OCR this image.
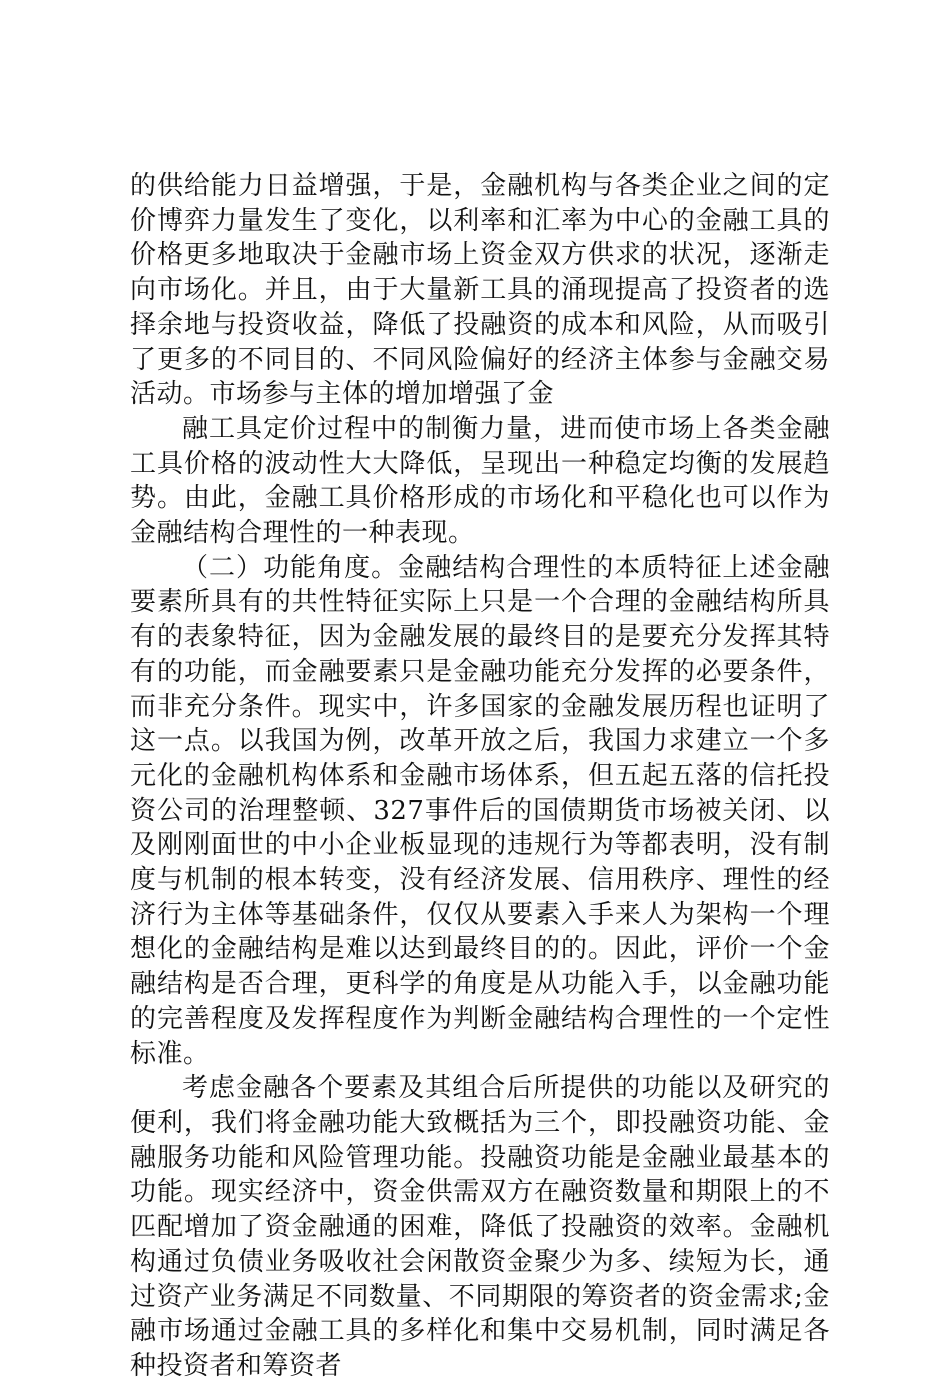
的供给能力日益增强，于是，金融机构与各类企业之间的定价博弈力量发生了变化，以利率和汇率为中心的金融工具的价格更多地取决于金融市场上资金双方供求的状况，逐渐走向市场化。并且，由于大量新工具的涌现提高了投资者的选择余地与投资收益，降低了投融资的成本和风险，从而吸引了更多的不同目的、不同风险偏好的经济主体参与金融交易活动。市场参与主体的增加增强了金

融工具定价过程中的制衡力量，进而使市场上各类金融工具价格的波动性大大降低，呈现出一种稳定均衡的发展趋势。由此，金融工具价格形成的市场化和平稳化也可以作为金融结构合理性的一种表现。

（二）功能角度。金融结构合理性的本质特征上述金融要素所具有的共性特征实际上只是一个合理的金融结构所具有的表象特征，因为金融发展的最终目的是要充分发挥其特有的功能，而金融要素只是金融功能充分发挥的必要条件，而非充分条件。现实中，许多国家的金融发展历程也证明了这一点。以我国为例，改革开放之后，我国力求建立一个多元化的金融机构体系和金融市场体系，但五起五落的信托投资公司的治理整顿、327事件后的国债期货市场被关闭、以及刚刚面世的中小企业板显现的违规行为等都表明，没有制度与机制的根本转变，没有经济发展、信用秩序、理性的经济行为主体等基础条件，仅仅从要素入手来人为架构一个理想化的金融结构是难以达到最终目的的。因此，评价一个金融结构是否合理，更科学的角度是从功能入手，以金融功能的完善程度及发挥程度作为判断金融结构合理性的一个定性标准。

考虑金融各个要素及其组合后所提供的功能以及研究的便利，我们将金融功能大致概括为三个，即投融资功能、金融服务功能和风险管理功能。投融资功能是金融业最基本的功能。现实经济中，资金供需双方在融资数量和期限上的不匹配增加了资金融通的困难，降低了投融资的效率。金融机构通过负债业务吸收社会闲散资金聚少为多、续短为长，通过资产业务满足不同数量、不同期限的筹资者的资金需求;金融市场通过金融工具的多样化和集中交易机制，同时满足各种投资者和筹资者
